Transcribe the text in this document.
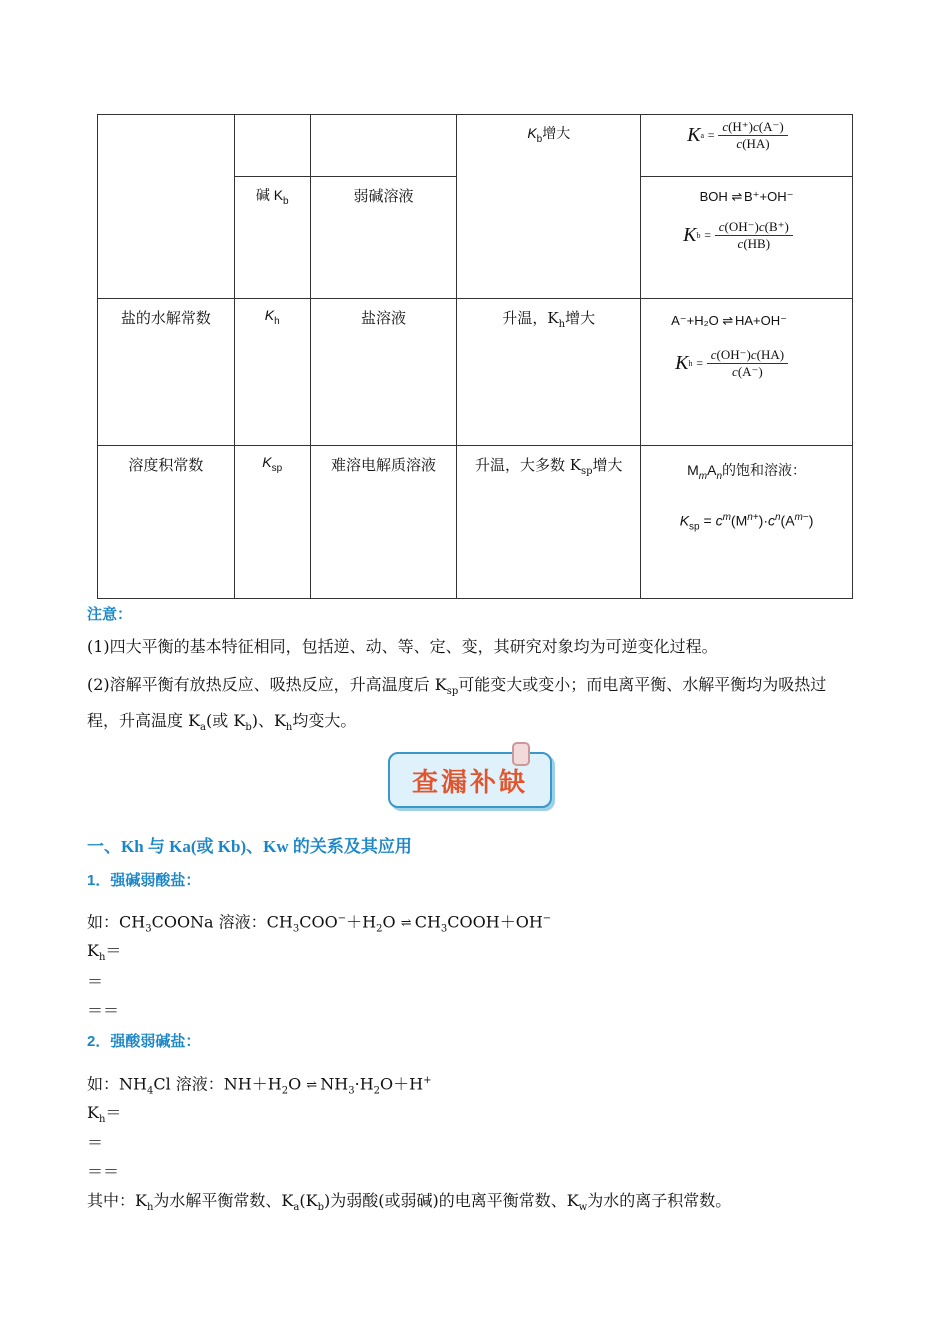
			$K_b$增大	$Ka = \frac{c(H^+)c(A^-)}{c(HA)}$

	碱 $K_b$	弱碱溶液		BOH ⇌ B⁺+OH⁻
$Kb = \frac{c(OH^-)c(B^+)}{c(HB)}$

盐的水解常数	$K_h$	盐溶液	升温，$K_h$增大	A⁻+H₂O ⇌ HA+OH⁻
$Kh = \frac{c(OH^-)c(HA)}{c(A^-)}$

溶度积常数	$K_{sp}$	难溶电解质溶液	升温，大多数 $K_{sp}$增大	$M_mA_n$的饱和溶液：
$K_{sp} = c^m(M^{n+})\cdot c^n(A^{m-})$
注意：
(1)四大平衡的基本特征相同，包括逆、动、等、定、变，其研究对象均为可逆变化过程。
(2)溶解平衡有放热反应、吸热反应，升高温度后 $K_{sp}$可能变大或变小；而电离平衡、水解平衡均为吸热过
程，升高温度 $K_a$(或 $K_b$)、$K_h$均变大。
查漏补缺
一、Kh 与 Ka(或 Kb)、Kw 的关系及其应用
1．强碱弱酸盐：
如：$CH_3COONa$ 溶液：$CH_3COO^-+H_2O$ ⇌ $CH_3COOH+OH^-$
$K_h=$
＝
＝＝
2．强酸弱碱盐：
如：$NH_4Cl$ 溶液：$NH+H_2O$ ⇌ $NH_3\cdot H_2O+H^+$
$K_h=$
＝
＝＝
其中：$K_h$为水解平衡常数、$K_a(K_b)$为弱酸(或弱碱)的电离平衡常数、$K_w$为水的离子积常数。
